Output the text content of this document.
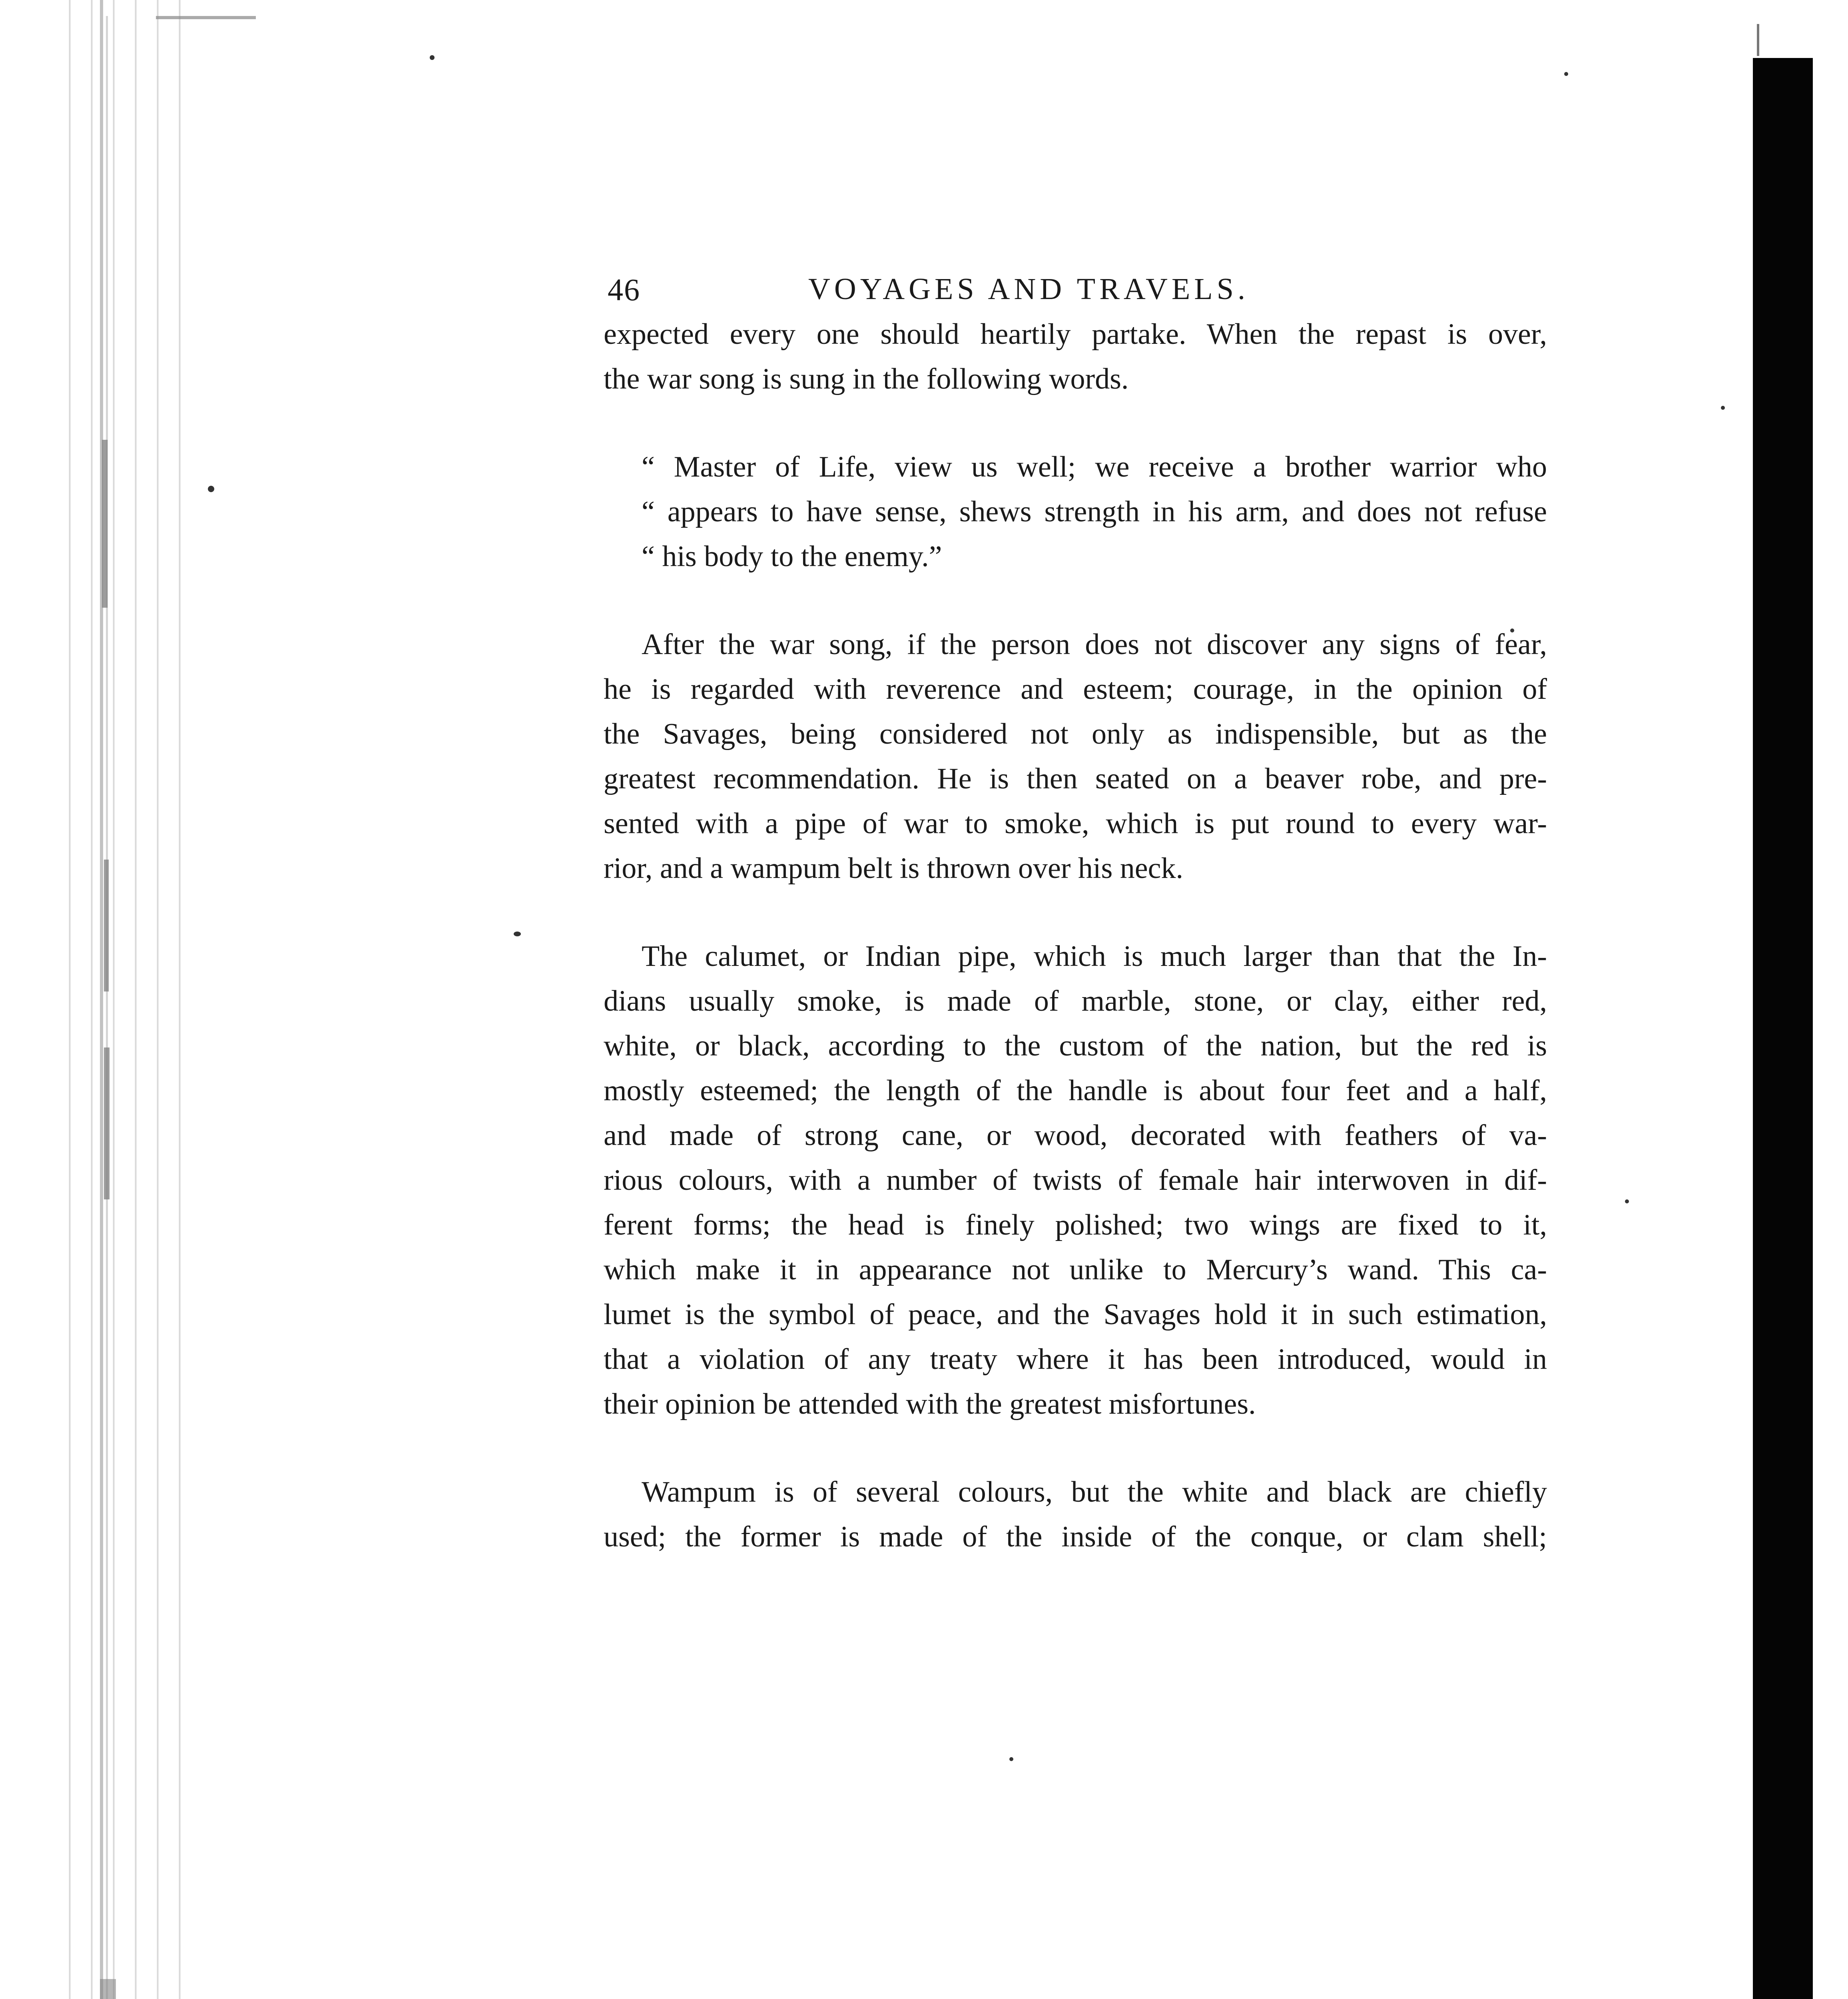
46	VOYAGES AND TRAVELS.
expected every one should heartily partake. When the repast is over,
the war song is sung in the following words.
“ Master of Life, view us well; we receive a brother warrior who
“ appears to have sense, shews strength in his arm, and does not refuse
“ his body to the enemy.”
After the war song, if the person does not discover any signs of fear,
he is regarded with reverence and esteem; courage, in the opinion of
the Savages, being considered not only as indispensible, but as the
greatest recommendation. He is then seated on a beaver robe, and pre-
sented with a pipe of war to smoke, which is put round to every war-
rior, and a wampum belt is thrown over his neck.
The calumet, or Indian pipe, which is much larger than that the In-
dians usually smoke, is made of marble, stone, or clay, either red,
white, or black, according to the custom of the nation, but the red is
mostly esteemed; the length of the handle is about four feet and a half,
and made of strong cane, or wood, decorated with feathers of va-
rious colours, with a number of twists of female hair interwoven in dif-
ferent forms; the head is finely polished; two wings are fixed to it,
which make it in appearance not unlike to Mercury’s wand. This ca-
lumet is the symbol of peace, and the Savages hold it in such estimation,
that a violation of any treaty where it has been introduced, would in
their opinion be attended with the greatest misfortunes.
Wampum is of several colours, but the white and black are chiefly
used; the former is made of the inside of the conque, or clam shell;
